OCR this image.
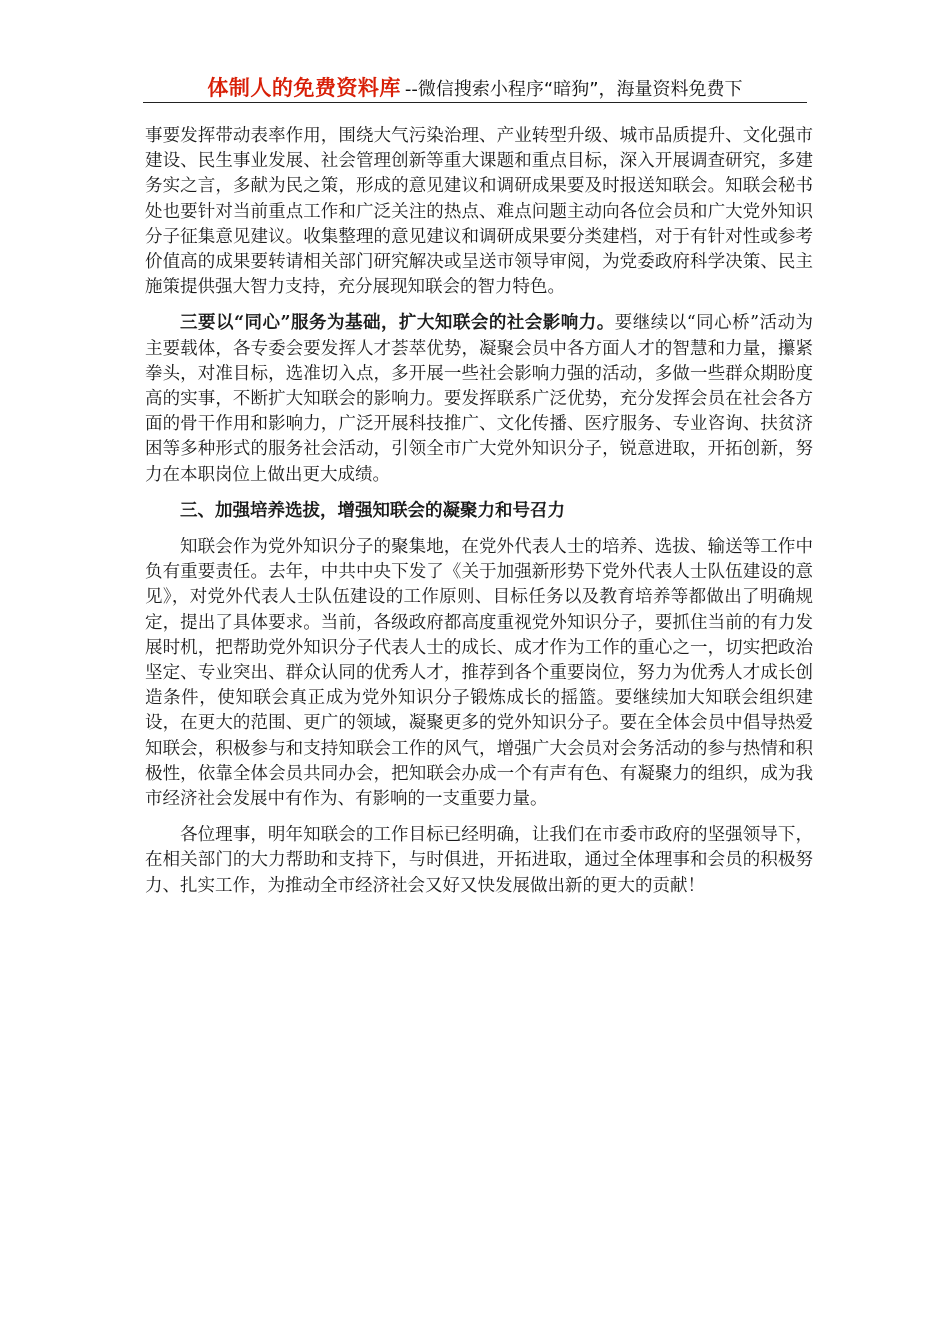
体制人的免费资料库 --微信搜索小程序“暗狗”，海量资料免费下

事要发挥带动表率作用，围绕大气污染治理、产业转型升级、城市品质提升、文化强市建设、民生事业发展、社会管理创新等重大课题和重点目标，深入开展调查研究，多建务实之言，多献为民之策，形成的意见建议和调研成果要及时报送知联会。知联会秘书处也要针对当前重点工作和广泛关注的热点、难点问题主动向各位会员和广大党外知识分子征集意见建议。收集整理的意见建议和调研成果要分类建档，对于有针对性或参考价值高的成果要转请相关部门研究解决或呈送市领导审阅，为党委政府科学决策、民主施策提供强大智力支持，充分展现知联会的智力特色。

三要以“同心”服务为基础，扩大知联会的社会影响力。要继续以“同心桥”活动为主要载体，各专委会要发挥人才荟萃优势，凝聚会员中各方面人才的智慧和力量，攥紧拳头，对准目标，选准切入点，多开展一些社会影响力强的活动，多做一些群众期盼度高的实事，不断扩大知联会的影响力。要发挥联系广泛优势，充分发挥会员在社会各方面的骨干作用和影响力，广泛开展科技推广、文化传播、医疗服务、专业咨询、扶贫济困等多种形式的服务社会活动，引领全市广大党外知识分子，锐意进取，开拓创新，努力在本职岗位上做出更大成绩。

三、加强培养选拔，增强知联会的凝聚力和号召力

知联会作为党外知识分子的聚集地，在党外代表人士的培养、选拔、输送等工作中负有重要责任。去年，中共中央下发了《关于加强新形势下党外代表人士队伍建设的意见》，对党外代表人士队伍建设的工作原则、目标任务以及教育培养等都做出了明确规定，提出了具体要求。当前，各级政府都高度重视党外知识分子，要抓住当前的有力发展时机，把帮助党外知识分子代表人士的成长、成才作为工作的重心之一，切实把政治坚定、专业突出、群众认同的优秀人才，推荐到各个重要岗位，努力为优秀人才成长创造条件，使知联会真正成为党外知识分子锻炼成长的摇篮。要继续加大知联会组织建设，在更大的范围、更广的领域，凝聚更多的党外知识分子。要在全体会员中倡导热爱知联会，积极参与和支持知联会工作的风气，增强广大会员对会务活动的参与热情和积极性，依靠全体会员共同办会，把知联会办成一个有声有色、有凝聚力的组织，成为我市经济社会发展中有作为、有影响的一支重要力量。

各位理事，明年知联会的工作目标已经明确，让我们在市委市政府的坚强领导下，在相关部门的大力帮助和支持下，与时俱进，开拓进取，通过全体理事和会员的积极努力、扎实工作，为推动全市经济社会又好又快发展做出新的更大的贡献！
